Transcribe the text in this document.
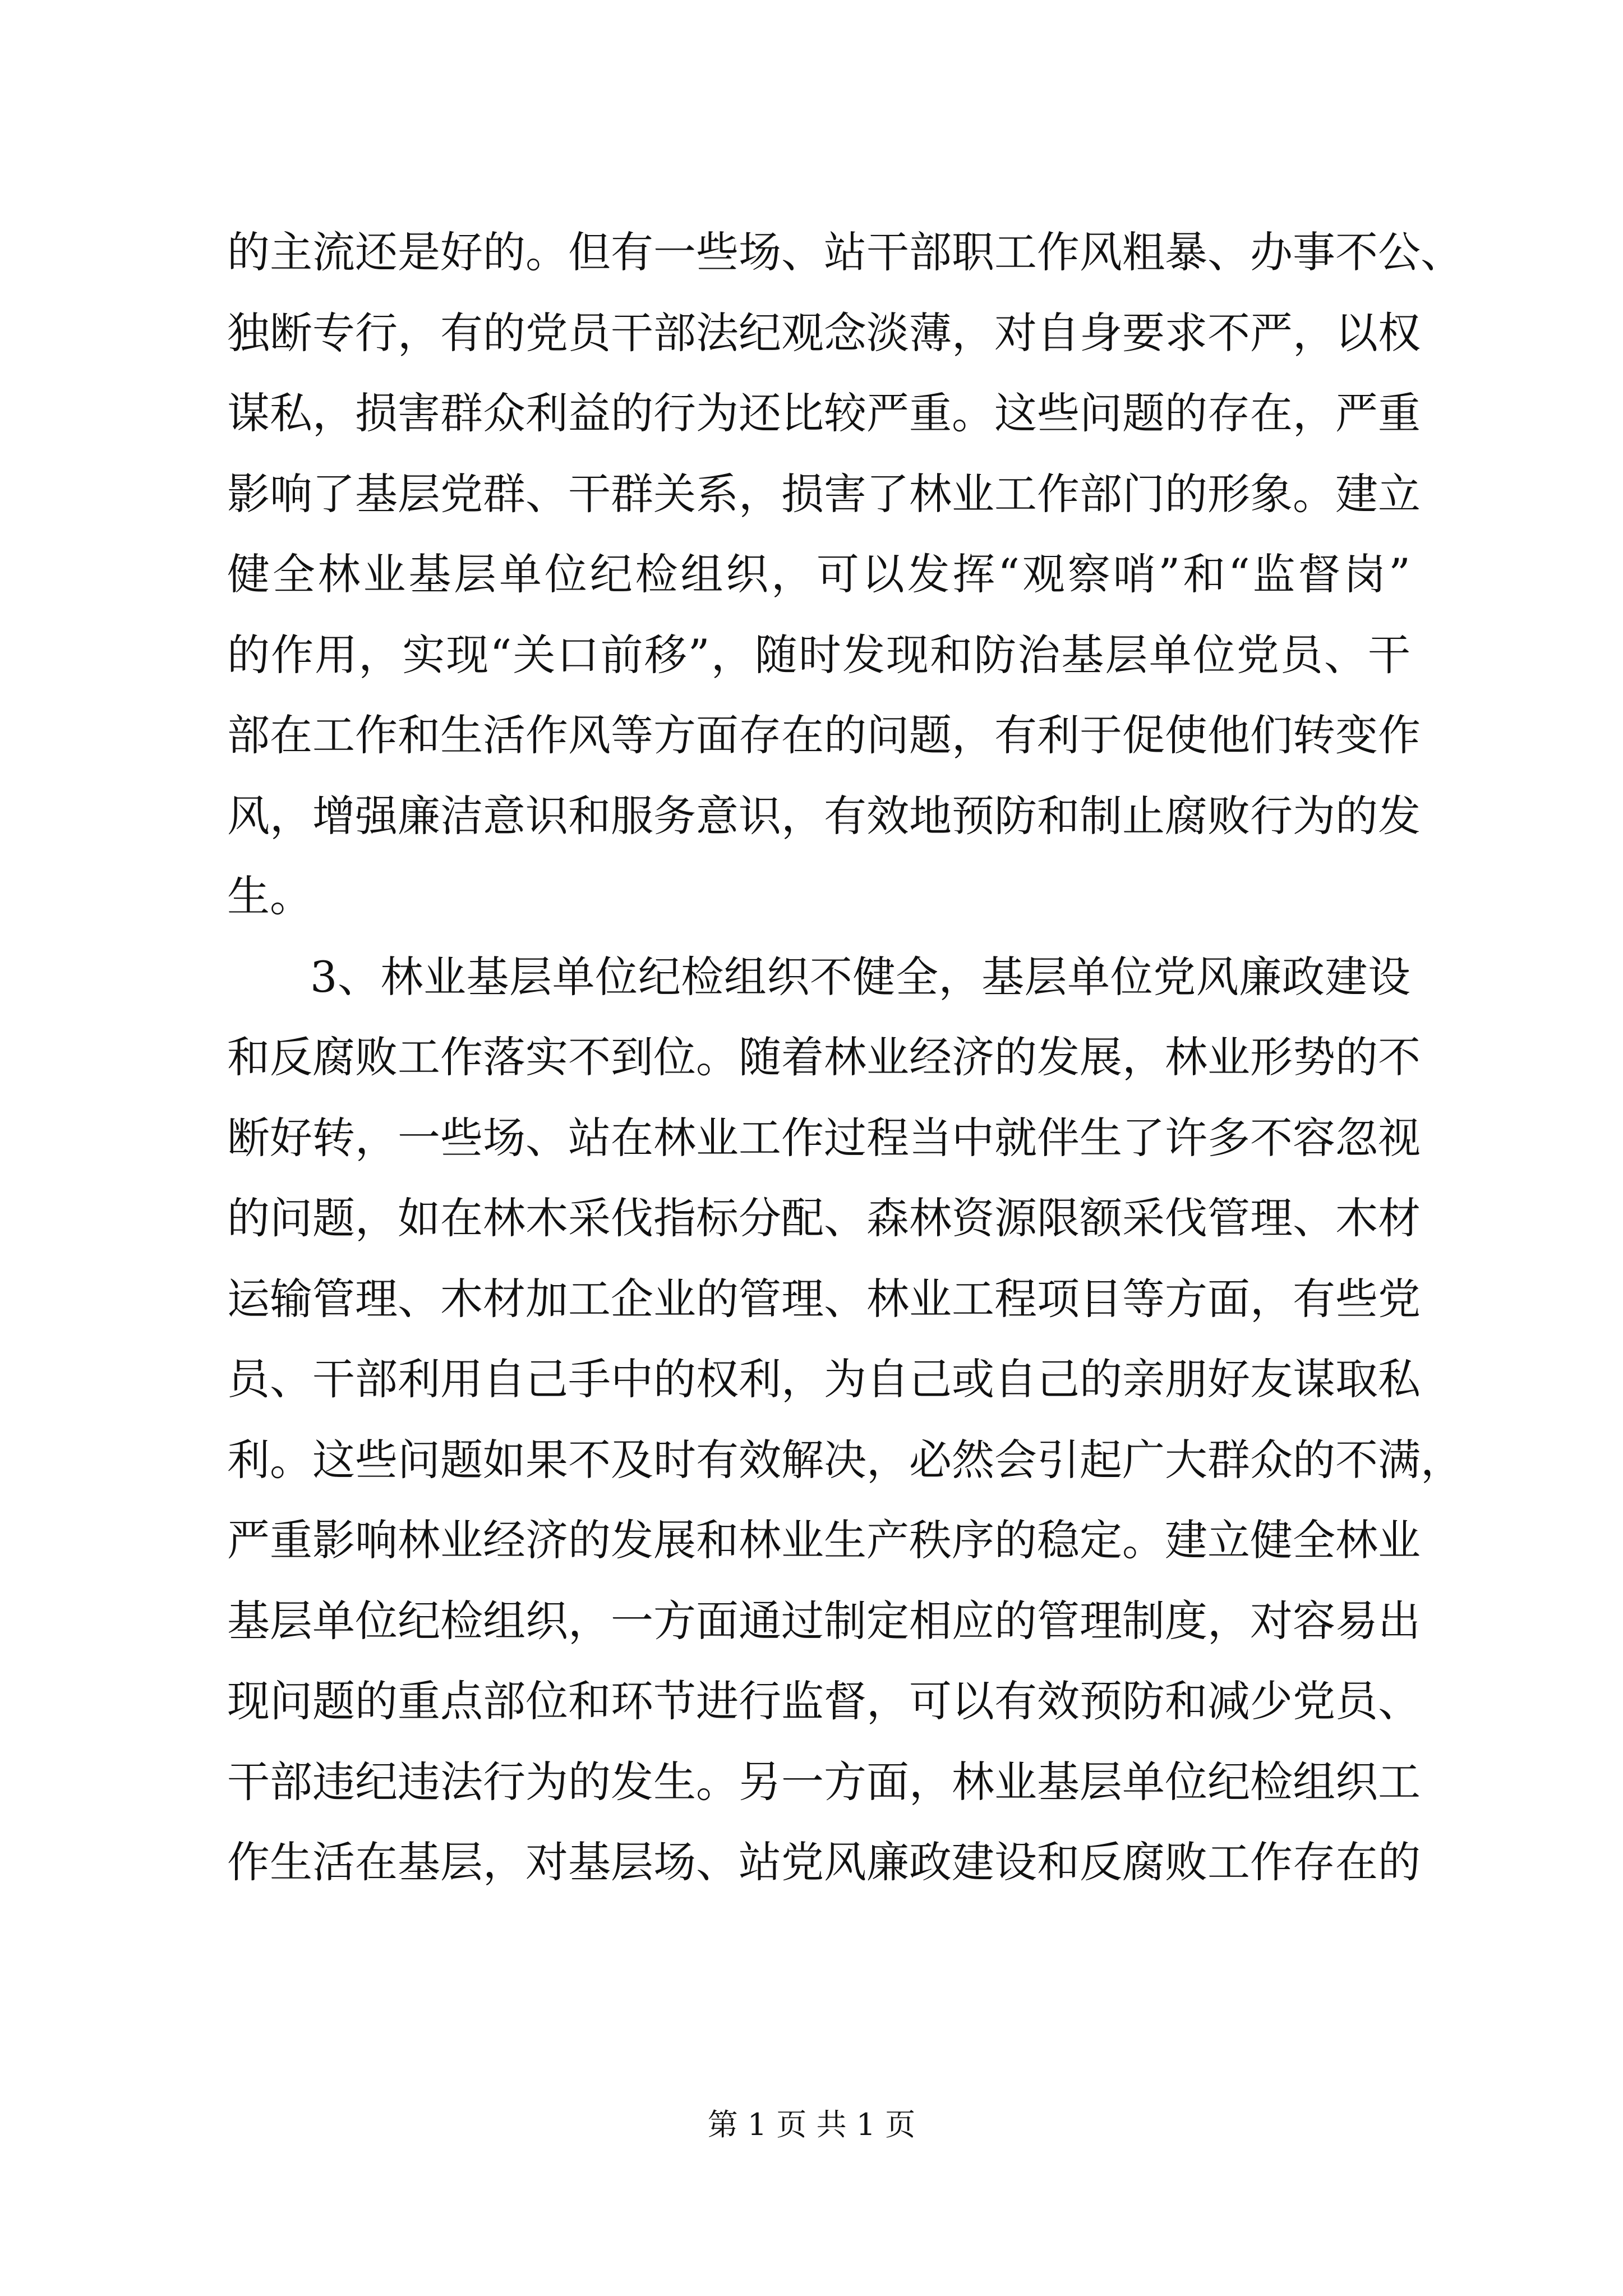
的主流还是好的。但有一些场、站干部职工作风粗暴、办事不公、
独断专行，有的党员干部法纪观念淡薄，对自身要求不严，以权
谋私，损害群众利益的行为还比较严重。这些问题的存在，严重
影响了基层党群、干群关系，损害了林业工作部门的形象。建立
健全林业基层单位纪检组织，可以发挥“观察哨”和“监督岗”
的作用，实现“关口前移”，随时发现和防治基层单位党员、干
部在工作和生活作风等方面存在的问题，有利于促使他们转变作
风，增强廉洁意识和服务意识，有效地预防和制止腐败行为的发
生。
3、林业基层单位纪检组织不健全，基层单位党风廉政建设
和反腐败工作落实不到位。随着林业经济的发展，林业形势的不
断好转，一些场、站在林业工作过程当中就伴生了许多不容忽视
的问题，如在林木采伐指标分配、森林资源限额采伐管理、木材
运输管理、木材加工企业的管理、林业工程项目等方面，有些党
员、干部利用自己手中的权利，为自己或自己的亲朋好友谋取私
利。这些问题如果不及时有效解决，必然会引起广大群众的不满，
严重影响林业经济的发展和林业生产秩序的稳定。建立健全林业
基层单位纪检组织，一方面通过制定相应的管理制度，对容易出
现问题的重点部位和环节进行监督，可以有效预防和减少党员、
干部违纪违法行为的发生。另一方面，林业基层单位纪检组织工
作生活在基层，对基层场、站党风廉政建设和反腐败工作存在的
第 1 页 共 1 页
